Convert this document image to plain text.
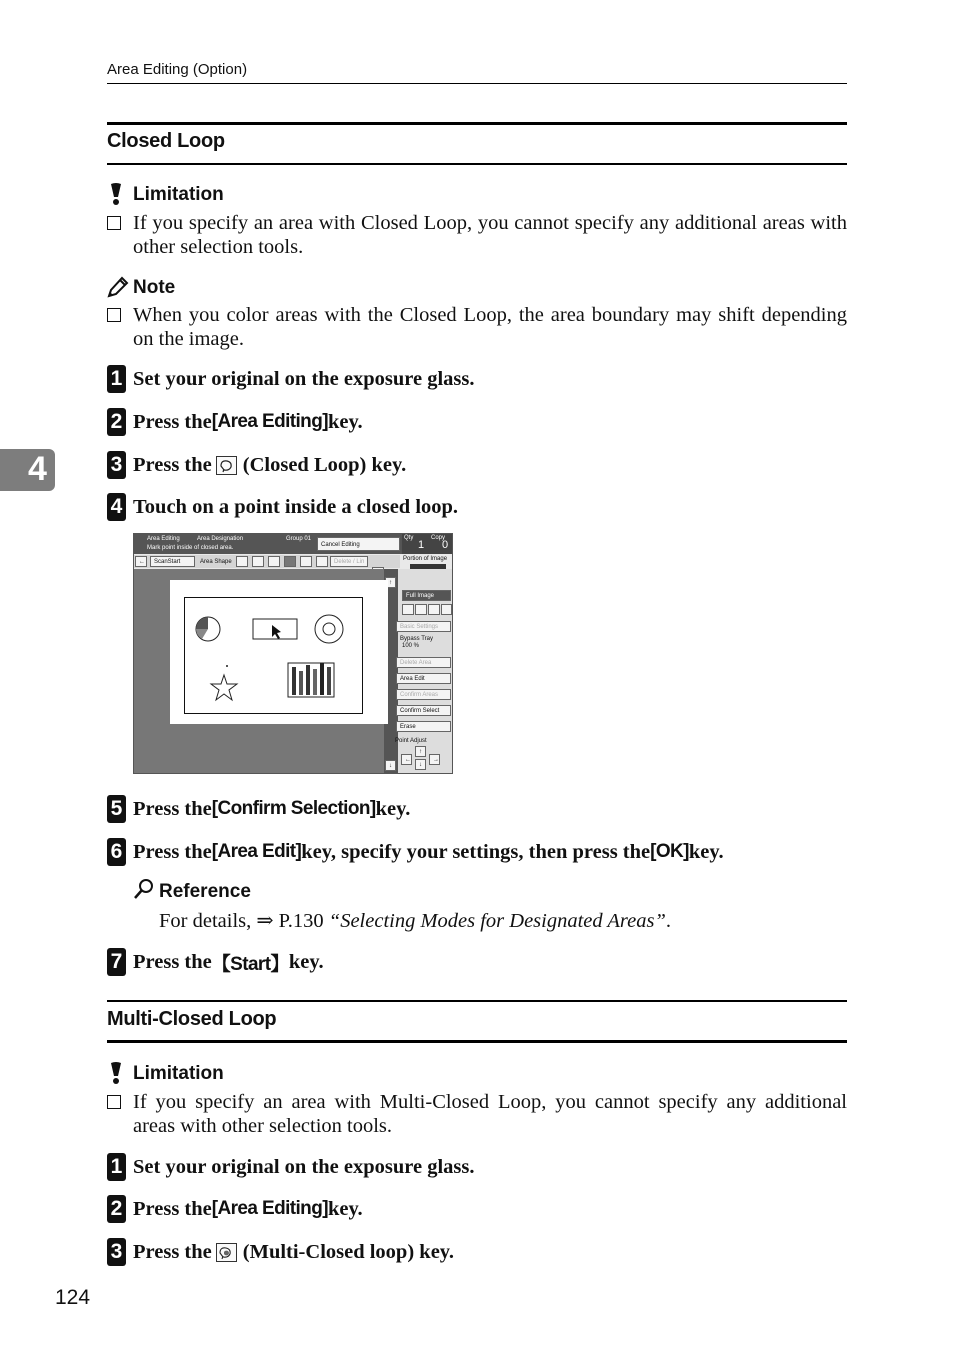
Area Editing (Option)
4
Closed Loop
Limitation
If you specify an area with Closed Loop, you cannot specify any additional areas with other selection tools.
Note
When you color areas with the Closed Loop, the area boundary may shift depending on the image.
1 Set your original on the exposure glass.
2 Press the [Area Editing] key.
3 Press the (Closed Loop) key.
4 Touch on a point inside a closed loop.
Area Editing	Area Designation	Group 01
Mark point inside of closed area.	Cancel Editing
Qty
1
Copy
0
←	ScanStart	Area Shape	Delete / Lin	Portion of Image
↑
↓
Full Image
Basic Settings
Bypass Tray
100 %
Delete Area
Area Edit
Confirm Areas
Confirm Select
Erase
Point Adjust
↑
←
↓
→
5 Press the [Confirm Selection] key.
6 Press the [Area Edit] key, specify your settings, then press the [OK] key.
Reference
For details, ⇒ P.130 “Selecting Modes for Designated Areas”.
7 Press the 【Start】 key.
Multi-Closed Loop
Limitation
If you specify an area with Multi-Closed Loop, you cannot specify any additional areas with other selection tools.
1 Set your original on the exposure glass.
2 Press the [Area Editing] key.
3 Press the (Multi-Closed loop) key.
124
